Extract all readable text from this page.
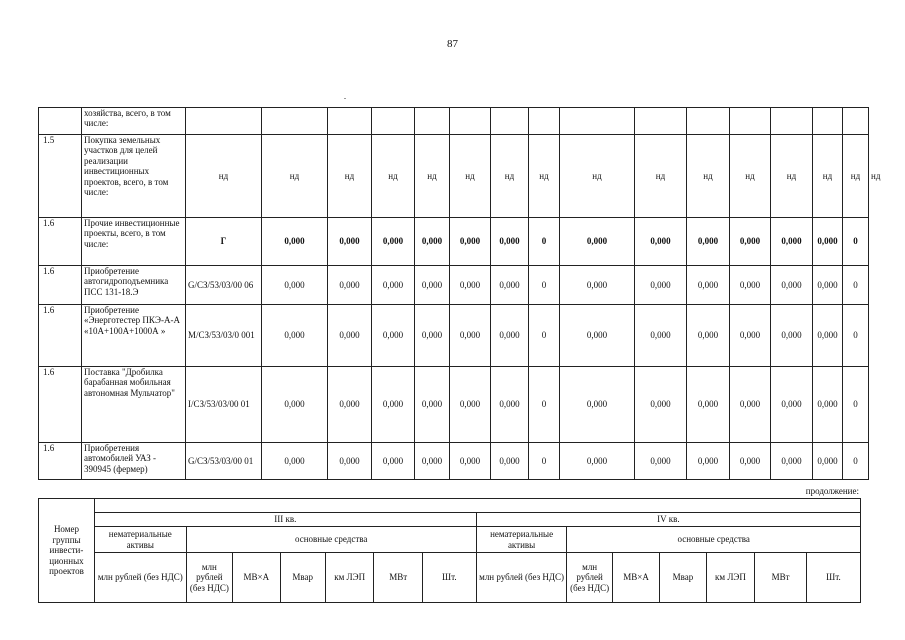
87
	хозяйства, всего, в том числе:																
1.5	Покупка земельных участков для целей реализации инвестиционных проектов, всего, в том числе:	нд	нд	нд	нд	нд	нд	нд	нд	нд	нд	нд	нд	нд	нд	нд	нд
1.6	Прочие инвестиционные проекты, всего, в том числе:	Г	0,000	0,000	0,000	0,000	0,000	0,000	0	0,000	0,000	0,000	0,000	0,000	0,000	0	
1.6	Приобретение автогидроподъемника ПСС 131-18.Э	G/CЗ/53/03/00 06	0,000	0,000	0,000	0,000	0,000	0,000	0	0,000	0,000	0,000	0,000	0,000	0,000	0	
1.6	Приобретение «Энерготестер ПКЭ-А-А «10А+100А+1000А »	М/СЗ/53/03/0 001	0,000	0,000	0,000	0,000	0,000	0,000	0	0,000	0,000	0,000	0,000	0,000	0,000	0	
1.6	Поставка "Дробилка барабанная мобильная автономная Мульчатор"	I/CЗ/53/03/00 01	0,000	0,000	0,000	0,000	0,000	0,000	0	0,000	0,000	0,000	0,000	0,000	0,000	0	
1.6	Приобретения автомобилей УАЗ - 390945 (фермер)	G/CЗ/53/03/00 01	0,000	0,000	0,000	0,000	0,000	0,000	0	0,000	0,000	0,000	0,000	0,000	0,000	0	
продолжение:
Номер группы инвести-ционных проектов														
	III кв.							IV кв.						
	нематериальные активы	основные средства						нематериальные активы	основные средства					
	млн рублей (без НДС)	млн рублей (без НДС)	МВ×А	Мвар	км ЛЭП	МВт	Шт.	млн рублей (без НДС)	млн рублей (без НДС)	МВ×А	Мвар	км ЛЭП	МВт	Шт.
